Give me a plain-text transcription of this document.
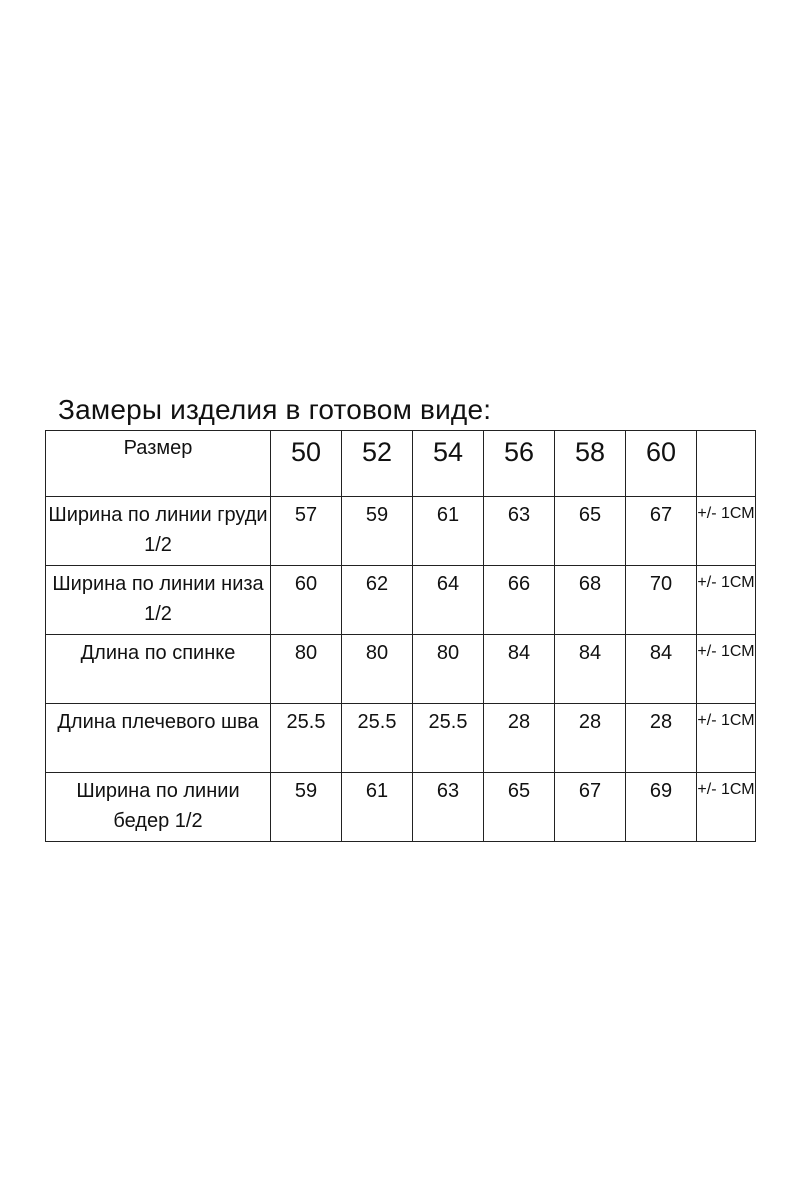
Замеры изделия в готовом виде:
Размер	50	52	54	56	58	60	
Ширина по линии груди 1/2	57	59	61	63	65	67	+/- 1СМ
Ширина по линии низа 1/2	60	62	64	66	68	70	+/- 1СМ
Длина по спинке	80	80	80	84	84	84	+/- 1СМ
Длина плечевого шва	25.5	25.5	25.5	28	28	28	+/- 1СМ
Ширина по линии бедер 1/2	59	61	63	65	67	69	+/- 1СМ
